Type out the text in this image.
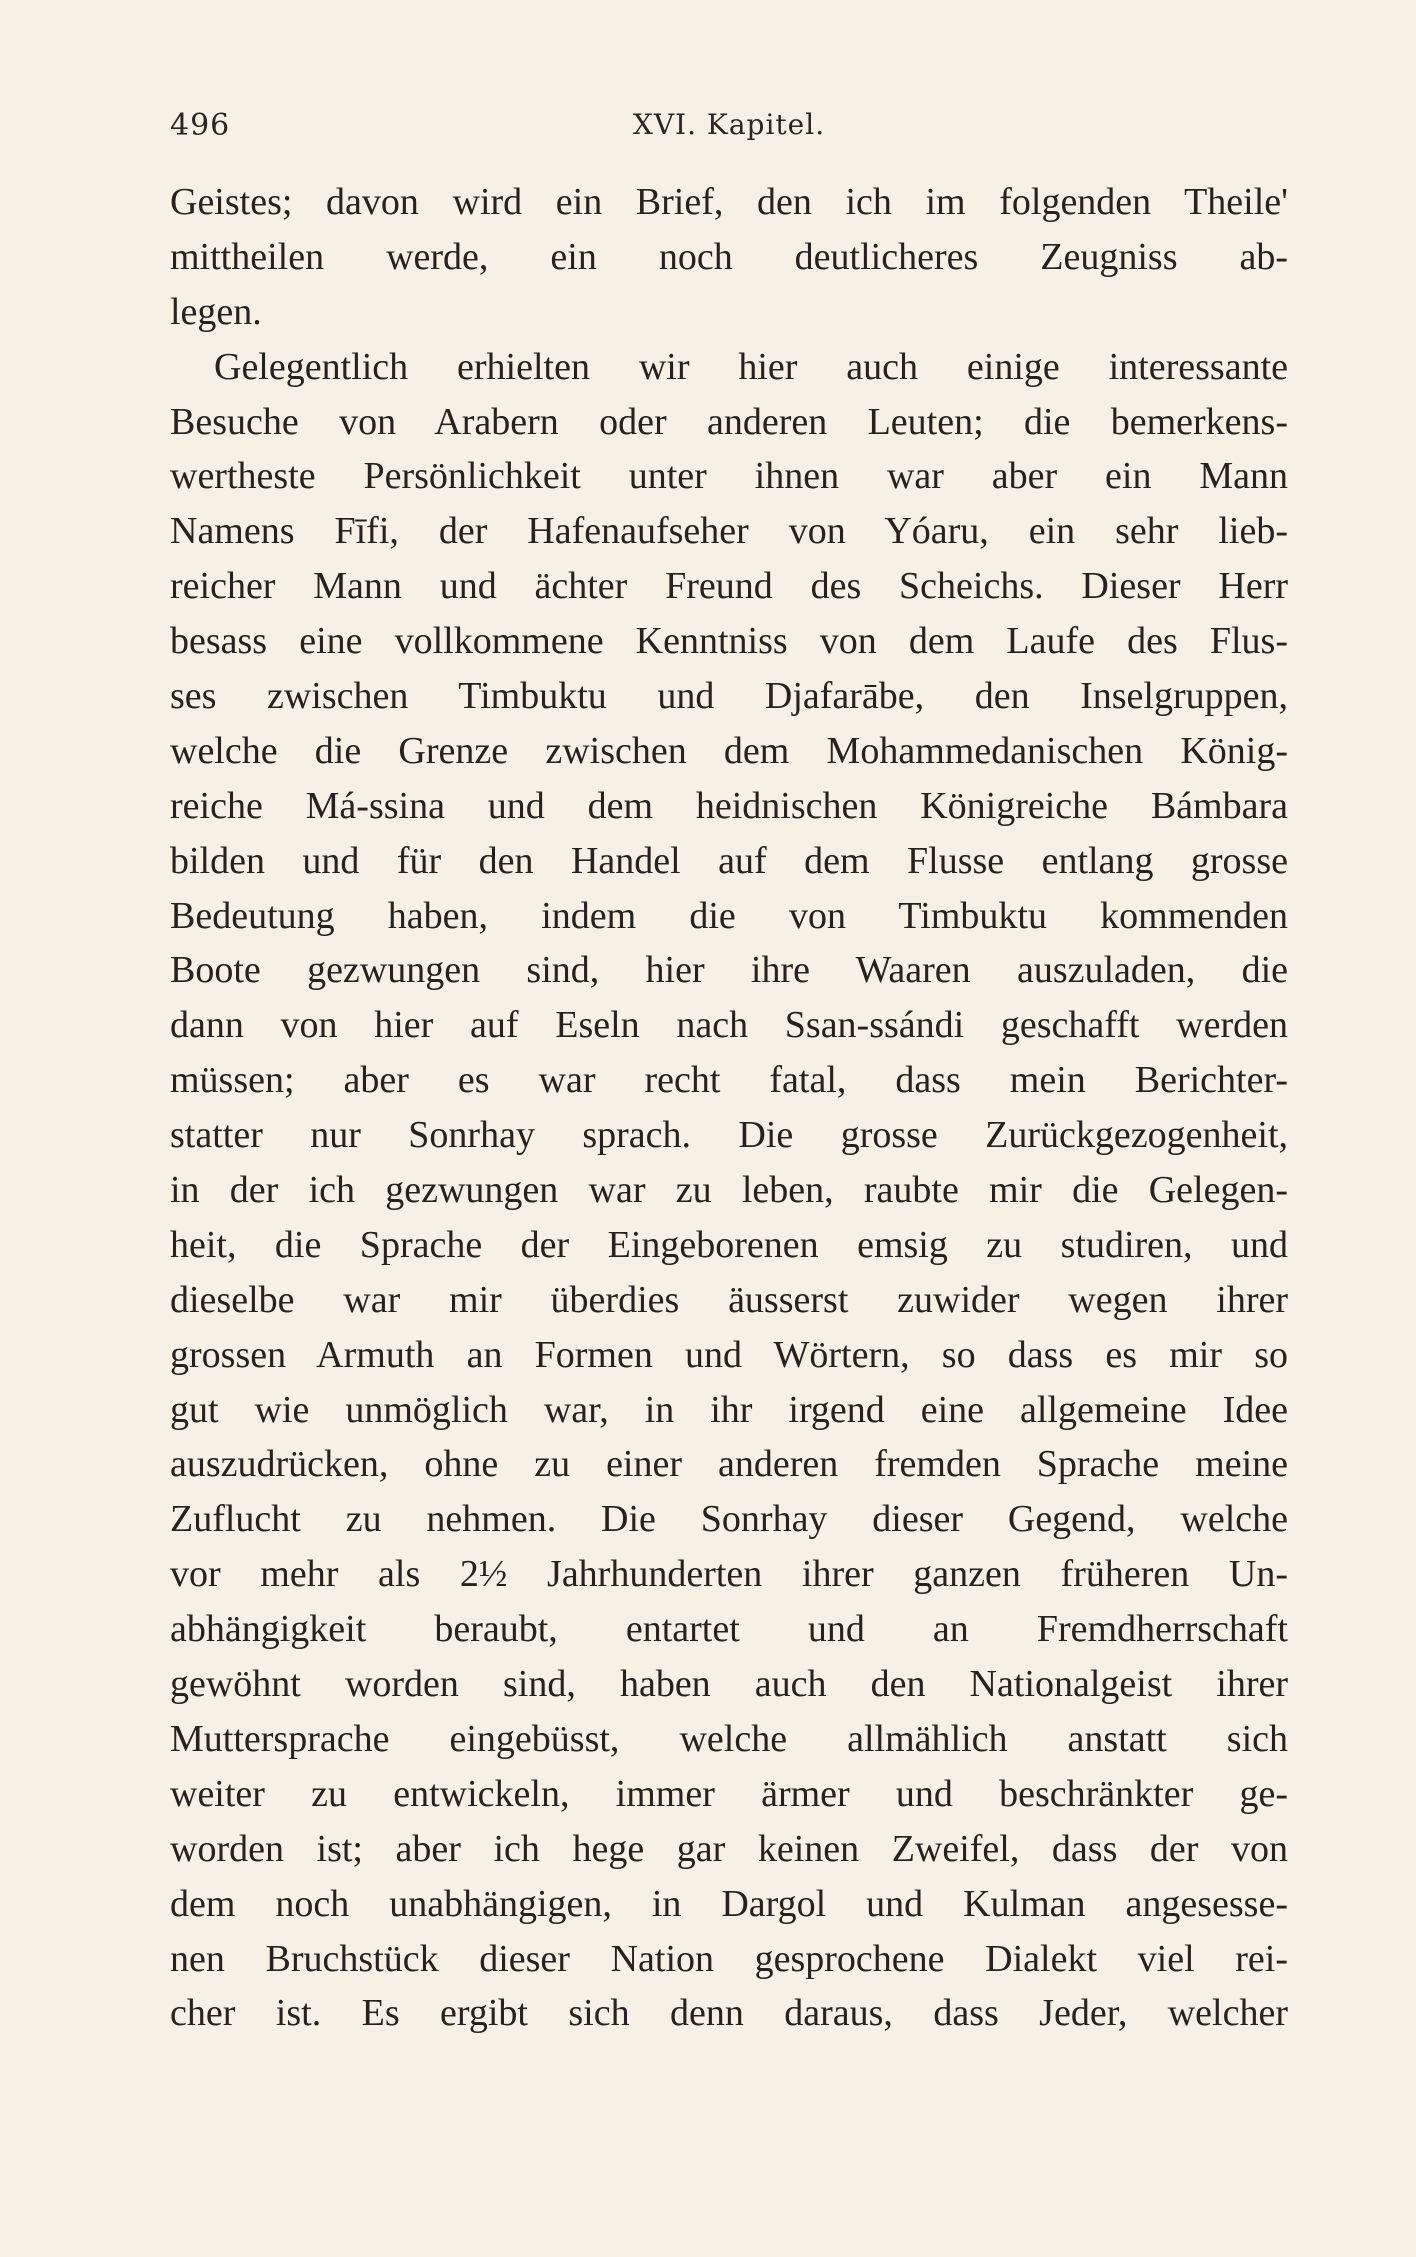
496	XVI. Kapitel.
Geistes; davon wird ein Brief, den ich im folgenden Theile'
mittheilen werde, ein noch deutlicheres Zeugniss ab-
legen.
Gelegentlich erhielten wir hier auch einige interessante
Besuche von Arabern oder anderen Leuten; die bemerkens-
wertheste Persönlichkeit unter ihnen war aber ein Mann
Namens Fīfi, der Hafenaufseher von Yóaru, ein sehr lieb-
reicher Mann und ächter Freund des Scheichs. Dieser Herr
besass eine vollkommene Kenntniss von dem Laufe des Flus-
ses zwischen Timbuktu und Djafarābe, den Inselgruppen,
welche die Grenze zwischen dem Mohammedanischen König-
reiche Má-ssina und dem heidnischen Königreiche Bámbara
bilden und für den Handel auf dem Flusse entlang grosse
Bedeutung haben, indem die von Timbuktu kommenden
Boote gezwungen sind, hier ihre Waaren auszuladen, die
dann von hier auf Eseln nach Ssan-ssándi geschafft werden
müssen; aber es war recht fatal, dass mein Berichter-
statter nur Sonrhay sprach. Die grosse Zurückgezogenheit,
in der ich gezwungen war zu leben, raubte mir die Gelegen-
heit, die Sprache der Eingeborenen emsig zu studiren, und
dieselbe war mir überdies äusserst zuwider wegen ihrer
grossen Armuth an Formen und Wörtern, so dass es mir so
gut wie unmöglich war, in ihr irgend eine allgemeine Idee
auszudrücken, ohne zu einer anderen fremden Sprache meine
Zuflucht zu nehmen. Die Sonrhay dieser Gegend, welche
vor mehr als 2½ Jahrhunderten ihrer ganzen früheren Un-
abhängigkeit beraubt, entartet und an Fremdherrschaft
gewöhnt worden sind, haben auch den Nationalgeist ihrer
Muttersprache eingebüsst, welche allmählich anstatt sich
weiter zu entwickeln, immer ärmer und beschränkter ge-
worden ist; aber ich hege gar keinen Zweifel, dass der von
dem noch unabhängigen, in Dargol und Kulman angesesse-
nen Bruchstück dieser Nation gesprochene Dialekt viel rei-
cher ist. Es ergibt sich denn daraus, dass Jeder, welcher
